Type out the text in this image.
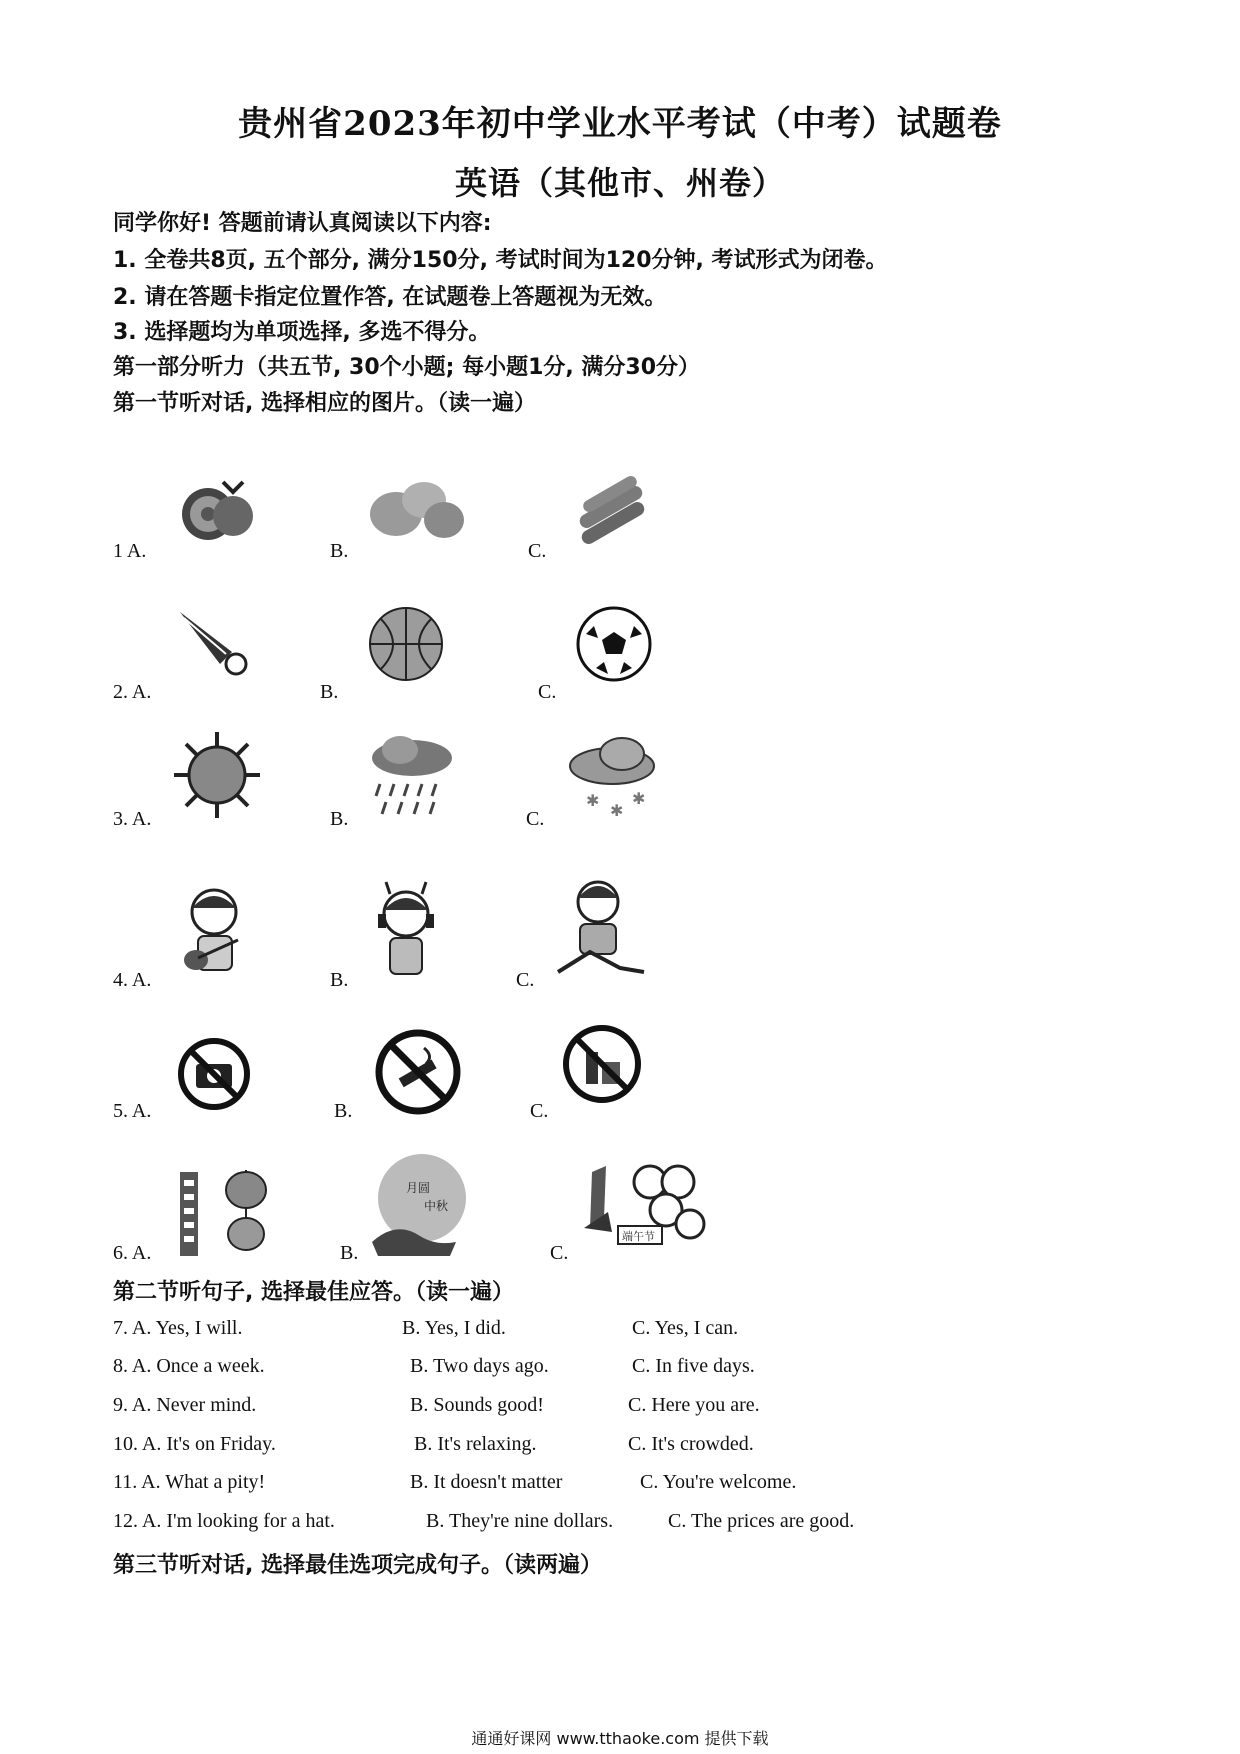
贵州省2023年初中学业水平考试（中考）试题卷
英语（其他市、州卷）
同学你好! 答题前请认真阅读以下内容:
1. 全卷共8页, 五个部分, 满分150分, 考试时间为120分钟, 考试形式为闭卷。
2. 请在答题卡指定位置作答, 在试题卷上答题视为无效。
3. 选择题均为单项选择, 多选不得分。
第一部分听力（共五节, 30个小题; 每小题1分, 满分30分）
第一节听对话, 选择相应的图片。（读一遍）
1 A.	B.	C.
2. A.	B.	C.
3. A.	B.	C.
✱
✱
✱
4. A.	B.	C.
5. A.	B.	C.
6. A.	B.	C.
月圆
中秋
端午节
第二节听句子, 选择最佳应答。（读一遍）
7. A. Yes, I will.	B. Yes, I did.	C. Yes, I can.
8. A. Once a week.	B. Two days ago.	C. In five days.
9. A. Never mind.	B. Sounds good!	C. Here you are.
10. A. It's on Friday.	B. It's relaxing.	C. It's crowded.
11. A. What a pity!	B. It doesn't matter	C. You're welcome.
12. A. I'm looking for a hat.	B. They're nine dollars.	C. The prices are good.
第三节听对话, 选择最佳选项完成句子。（读两遍）
通通好课网 www.tthaoke.com 提供下载
